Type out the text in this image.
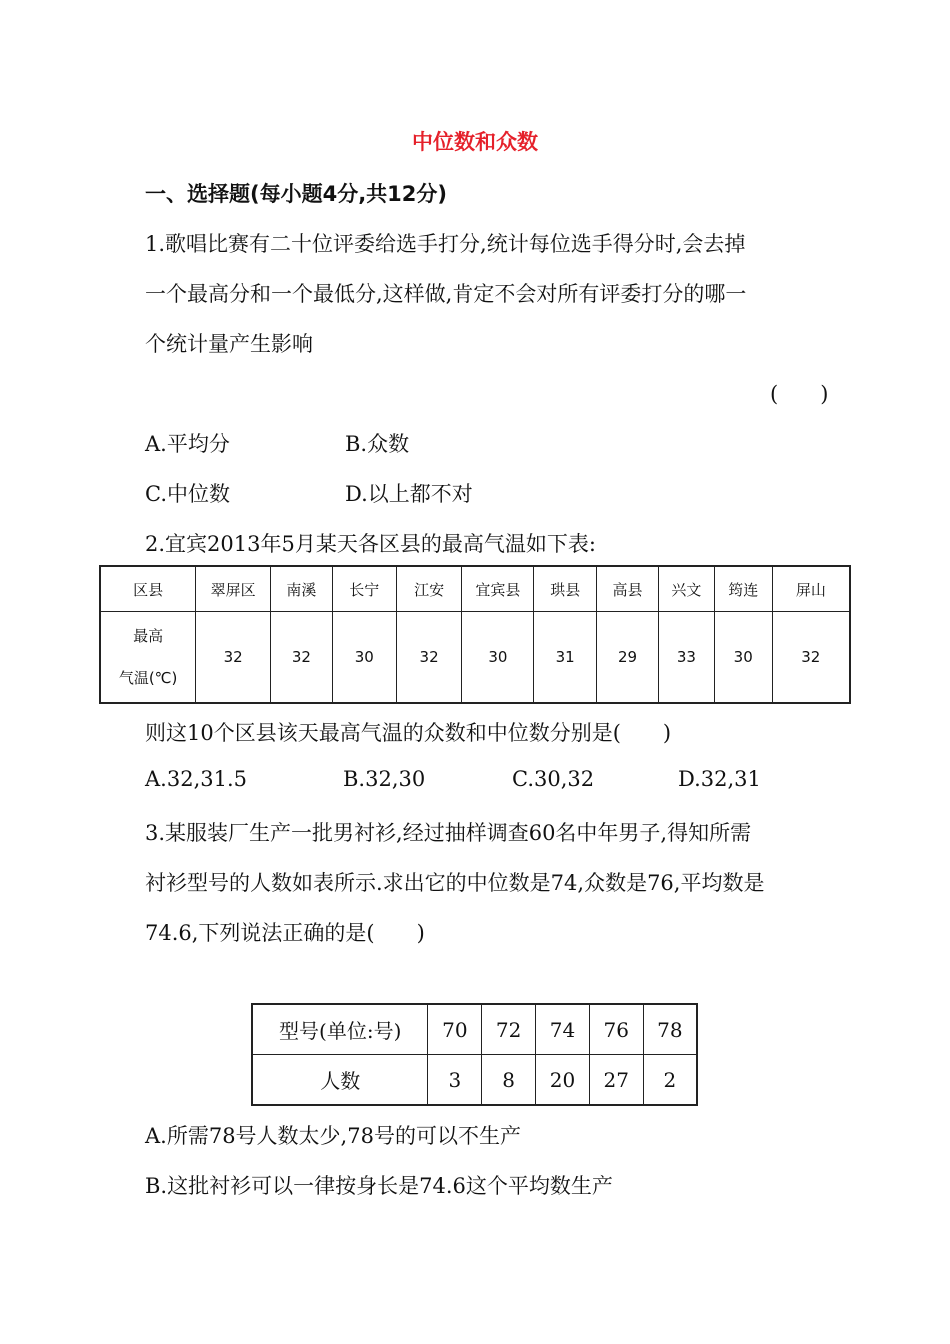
中位数和众数
一、选择题(每小题4分,共12分)
1.歌唱比赛有二十位评委给选手打分,统计每位选手得分时,会去掉
一个最高分和一个最低分,这样做,肯定不会对所有评委打分的哪一
个统计量产生影响
(　　)
A.平均分	B.众数
C.中位数	D.以上都不对
2.宜宾2013年5月某天各区县的最高气温如下表:
区县	翠屏区	南溪	长宁	江安	宜宾县	珙县	高县	兴文	筠连	屏山

最高
气温(℃)	32	32	30	32	30	31	29	33	30	32
则这10个区县该天最高气温的众数和中位数分别是(　　)
A.32,31.5	B.32,30	C.30,32	D.32,31
3.某服装厂生产一批男衬衫,经过抽样调查60名中年男子,得知所需
衬衫型号的人数如表所示.求出它的中位数是74,众数是76,平均数是
74.6,下列说法正确的是(　　)
型号(单位:号)	70	72	74	76	78
人数	3	8	20	27	2
A.所需78号人数太少,78号的可以不生产
B.这批衬衫可以一律按身长是74.6这个平均数生产
